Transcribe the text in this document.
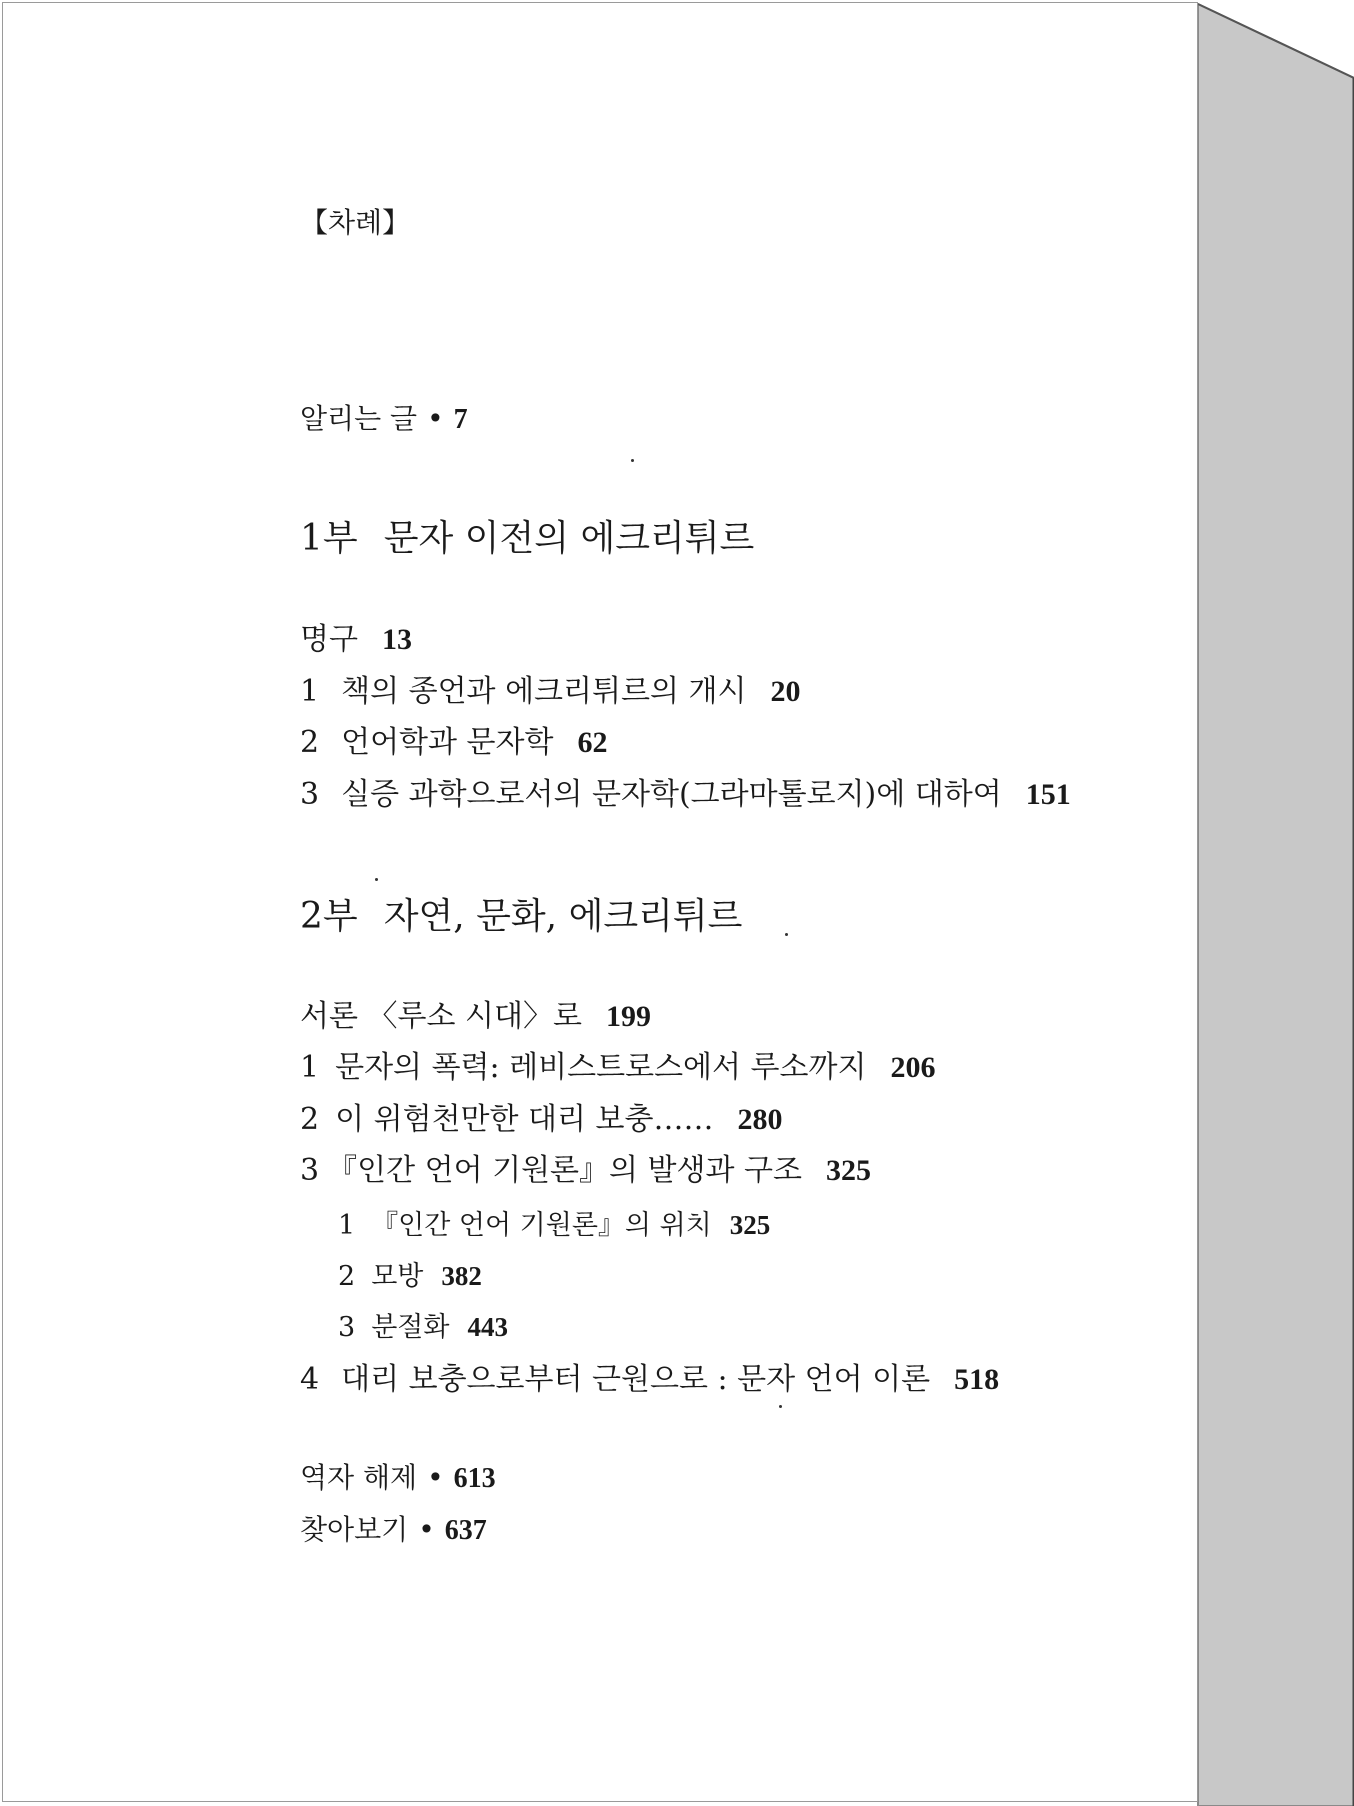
【차례】
알리는 글 • 7
1부 문자 이전의 에크리튀르
명구 13
1 책의 종언과 에크리튀르의 개시 20
2 언어학과 문자학 62
3 실증 과학으로서의 문자학(그라마톨로지)에 대하여 151
2부 자연, 문화, 에크리튀르
서론 〈루소 시대〉로 199
1 문자의 폭력: 레비스트로스에서 루소까지 206
2 이 위험천만한 대리 보충…… 280
3 『인간 언어 기원론』의 발생과 구조 325
1 『인간 언어 기원론』의 위치 325
2 모방 382
3 분절화 443
4 대리 보충으로부터 근원으로 : 문자 언어 이론 518
역자 해제 • 613
찾아보기 • 637
